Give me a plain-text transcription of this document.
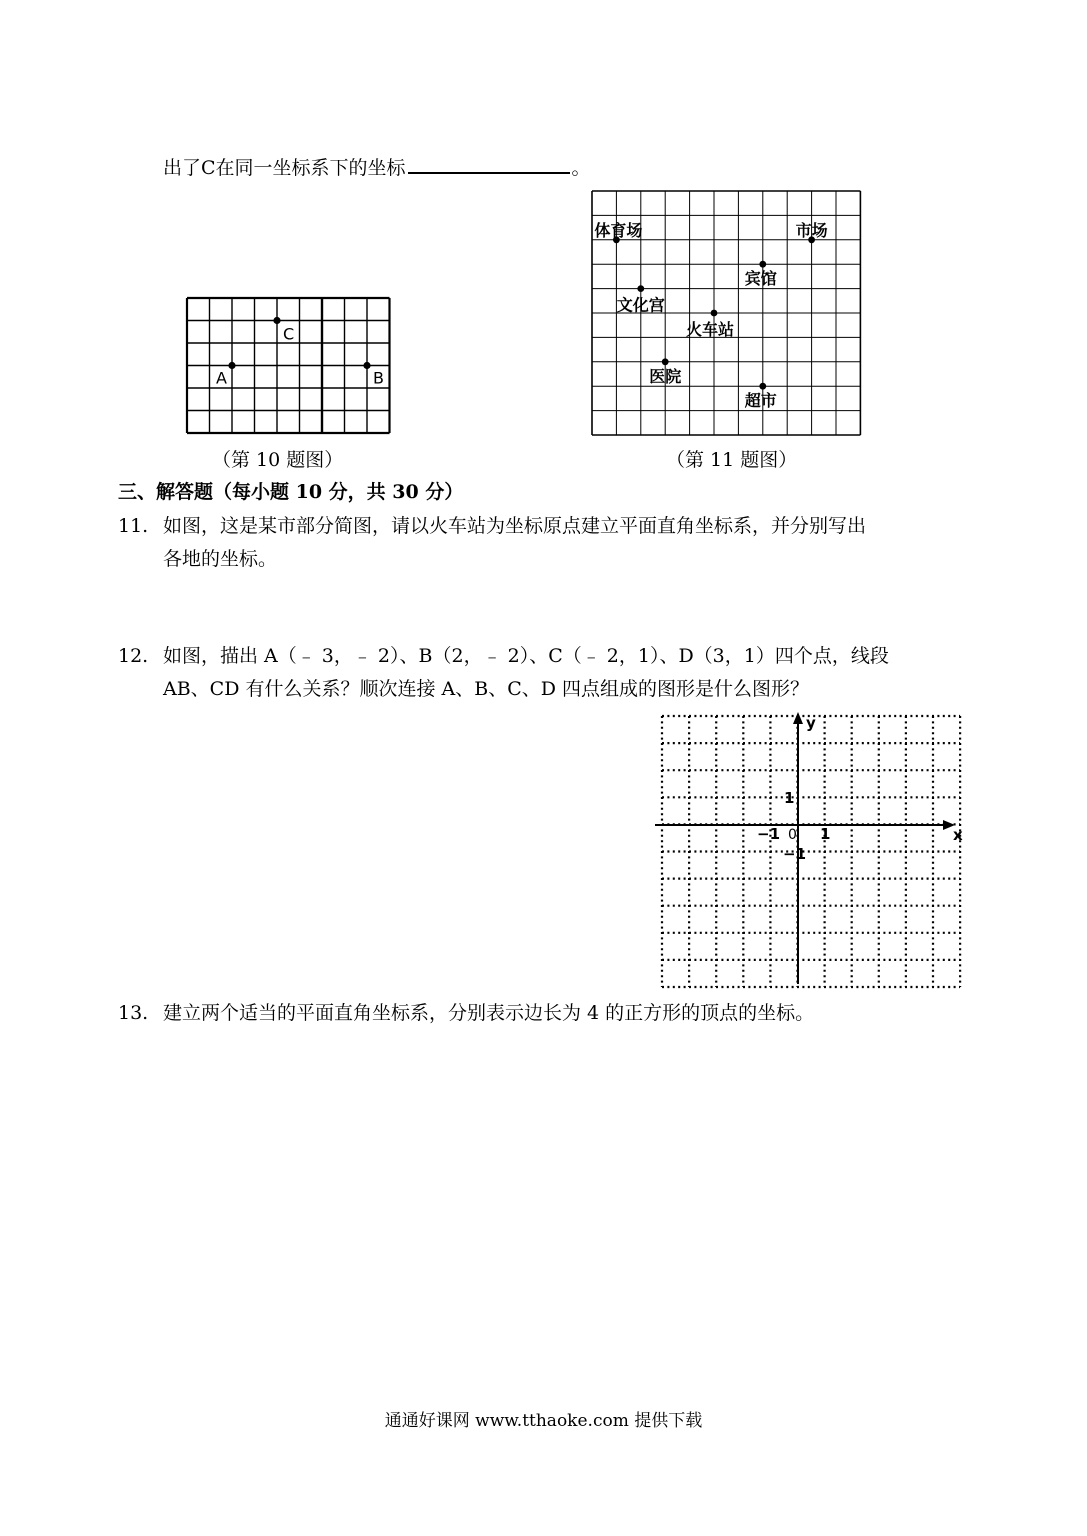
出了C在同一坐标系下的坐标	。
A
C
B
（第 10 题图）
体育场	市场
宾馆
文化宫
火车站
医院
超市
（第 11 题图）
三、解答题（每小题 10 分，共 30 分）
11. 如图，这是某市部分简图，请以火车站为坐标原点建立平面直角坐标系，并分别写出
各地的坐标。
12. 如图，描出 A（﹣ 3，﹣ 2）、B（2，﹣ 2）、C（﹣ 2，1）、D（3，1）四个点，线段
AB、CD 有什么关系？顺次连接 A、B、C、D 四点组成的图形是什么图形？
x
y
0 1
−1
1
−1
13. 建立两个适当的平面直角坐标系，分别表示边长为 4 的正方形的顶点的坐标。
通通好课网 www.tthaoke.com 提供下载
